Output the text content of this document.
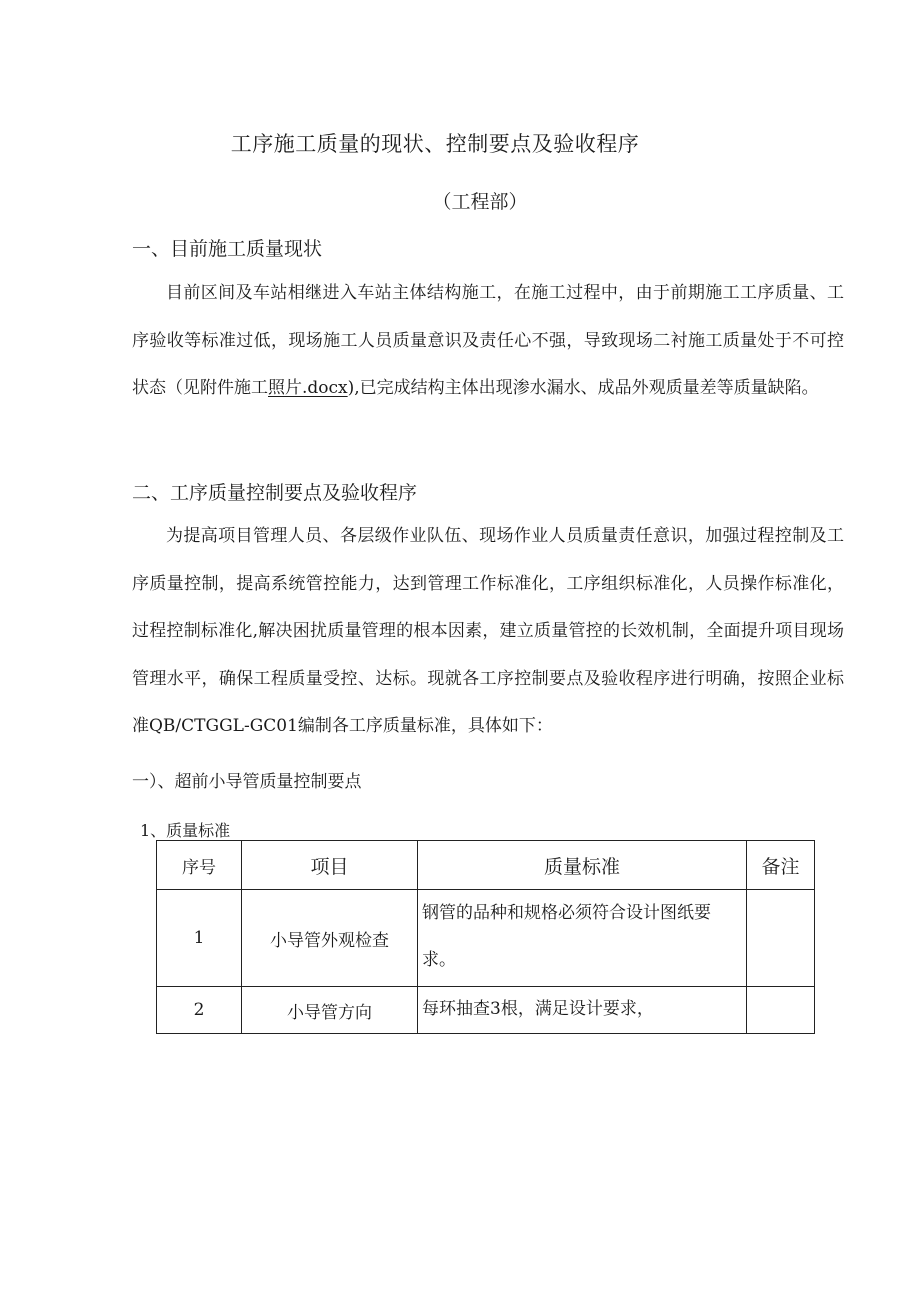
工序施工质量的现状、控制要点及验收程序
（工程部）
一、目前施工质量现状

目前区间及车站相继进入车站主体结构施工，在施工过程中，由于前期施工工序质量、工序验收等标准过低，现场施工人员质量意识及责任心不强，导致现场二衬施工质量处于不可控状态（见附件施工照片.docx),已完成结构主体出现渗水漏水、成品外观质量差等质量缺陷。

二、工序质量控制要点及验收程序

为提高项目管理人员、各层级作业队伍、现场作业人员质量责任意识，加强过程控制及工序质量控制，提高系统管控能力，达到管理工作标准化，工序组织标准化，人员操作标准化，过程控制标准化,解决困扰质量管理的根本因素，建立质量管控的长效机制，全面提升项目现场管理水平，确保工程质量受控、达标。现就各工序控制要点及验收程序进行明确，按照企业标准QB/CTGGL-GC01编制各工序质量标准，具体如下：

一）、超前小导管质量控制要点
1、质量标准
序号	项目	质量标准	备注
1	小导管外观检查	钢管的品种和规格必须符合设计图纸要求。	
2	小导管方向	每环抽查3根，满足设计要求，	
